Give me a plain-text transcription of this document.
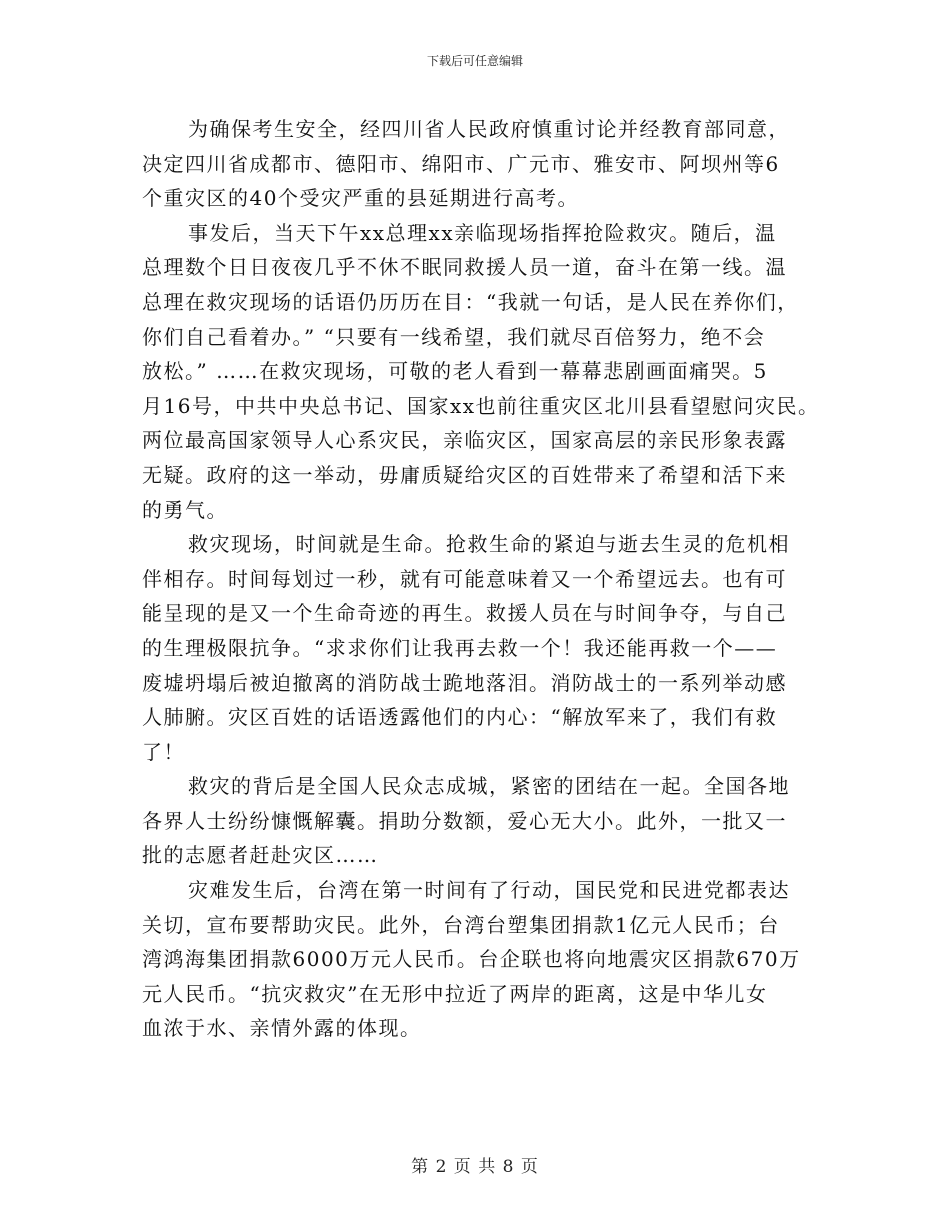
下载后可任意编辑
为确保考生安全，经四川省人民政府慎重讨论并经教育部同意，
决定四川省成都市、德阳市、绵阳市、广元市、雅安市、阿坝州等6
个重灾区的40个受灾严重的县延期进行高考。
事发后，当天下午xx总理xx亲临现场指挥抢险救灾。随后，温
总理数个日日夜夜几乎不休不眠同救援人员一道，奋斗在第一线。温
总理在救灾现场的话语仍历历在目：“我就一句话，是人民在养你们，
你们自己看着办。” “只要有一线希望，我们就尽百倍努力，绝不会
放松。” ……在救灾现场，可敬的老人看到一幕幕悲剧画面痛哭。5
月16号，中共中央总书记、国家xx也前往重灾区北川县看望慰问灾民。
两位最高国家领导人心系灾民，亲临灾区，国家高层的亲民形象表露
无疑。政府的这一举动，毋庸质疑给灾区的百姓带来了希望和活下来
的勇气。
救灾现场，时间就是生命。抢救生命的紧迫与逝去生灵的危机相
伴相存。时间每划过一秒，就有可能意味着又一个希望远去。也有可
能呈现的是又一个生命奇迹的再生。救援人员在与时间争夺，与自己
的生理极限抗争。“求求你们让我再去救一个！我还能再救一个——
废墟坍塌后被迫撤离的消防战士跪地落泪。消防战士的一系列举动感
人肺腑。灾区百姓的话语透露他们的内心：“解放军来了，我们有救
了！
救灾的背后是全国人民众志成城，紧密的团结在一起。全国各地
各界人士纷纷慷慨解囊。捐助分数额，爱心无大小。此外，一批又一
批的志愿者赶赴灾区……
灾难发生后，台湾在第一时间有了行动，国民党和民进党都表达
关切，宣布要帮助灾民。此外，台湾台塑集团捐款1亿元人民币；台
湾鸿海集团捐款6000万元人民币。台企联也将向地震灾区捐款670万
元人民币。“抗灾救灾”在无形中拉近了两岸的距离，这是中华儿女
血浓于水、亲情外露的体现。
第 2 页 共 8 页
